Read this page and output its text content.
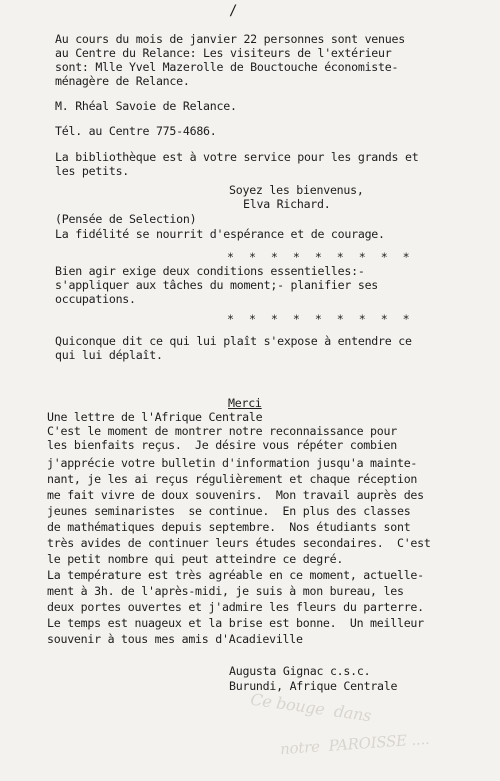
Ce bouge  dans
notre  PAROISSE ....
/
Au cours du mois de janvier 22 personnes sont venues
au Centre du Relance: Les visiteurs de l'extérieur
sont: Mlle Yvel Mazerolle de Bouctouche économiste-
ménagère de Relance.
M. Rhéal Savoie de Relance.
Tél. au Centre 775-4686.
La bibliothèque est à votre service pour les grands et
les petits.
Soyez les bienvenus,
Elva Richard.
(Pensée de Selection)
La fidélité se nourrit d'espérance et de courage.
* * * * * * * * *
Bien agir exige deux conditions essentielles:-
s'appliquer aux tâches du moment;- planifier ses
occupations.
* * * * * * * * *
Quiconque dit ce qui lui plaît s'expose à entendre ce
qui lui déplaît.
Merci
Une lettre de l'Afrique Centrale
C'est le moment de montrer notre reconnaissance pour
les bienfaits reçus.  Je désire vous répéter combien
j'apprécie votre bulletin d'information jusqu'a mainte-
nant, je les ai reçus régulièrement et chaque réception
me fait vivre de doux souvenirs.  Mon travail auprès des
jeunes seminaristes  se continue.  En plus des classes
de mathématiques depuis septembre.  Nos étudiants sont
très avides de continuer leurs études secondaires.  C'est
le petit nombre qui peut atteindre ce degré.
La température est très agréable en ce moment, actuelle-
ment à 3h. de l'après-midi, je suis à mon bureau, les
deux portes ouvertes et j'admire les fleurs du parterre.
Le temps est nuageux et la brise est bonne.  Un meilleur
souvenir à tous mes amis d'Acadieville
Augusta Gignac c.s.c.
Burundi, Afrique Centrale
